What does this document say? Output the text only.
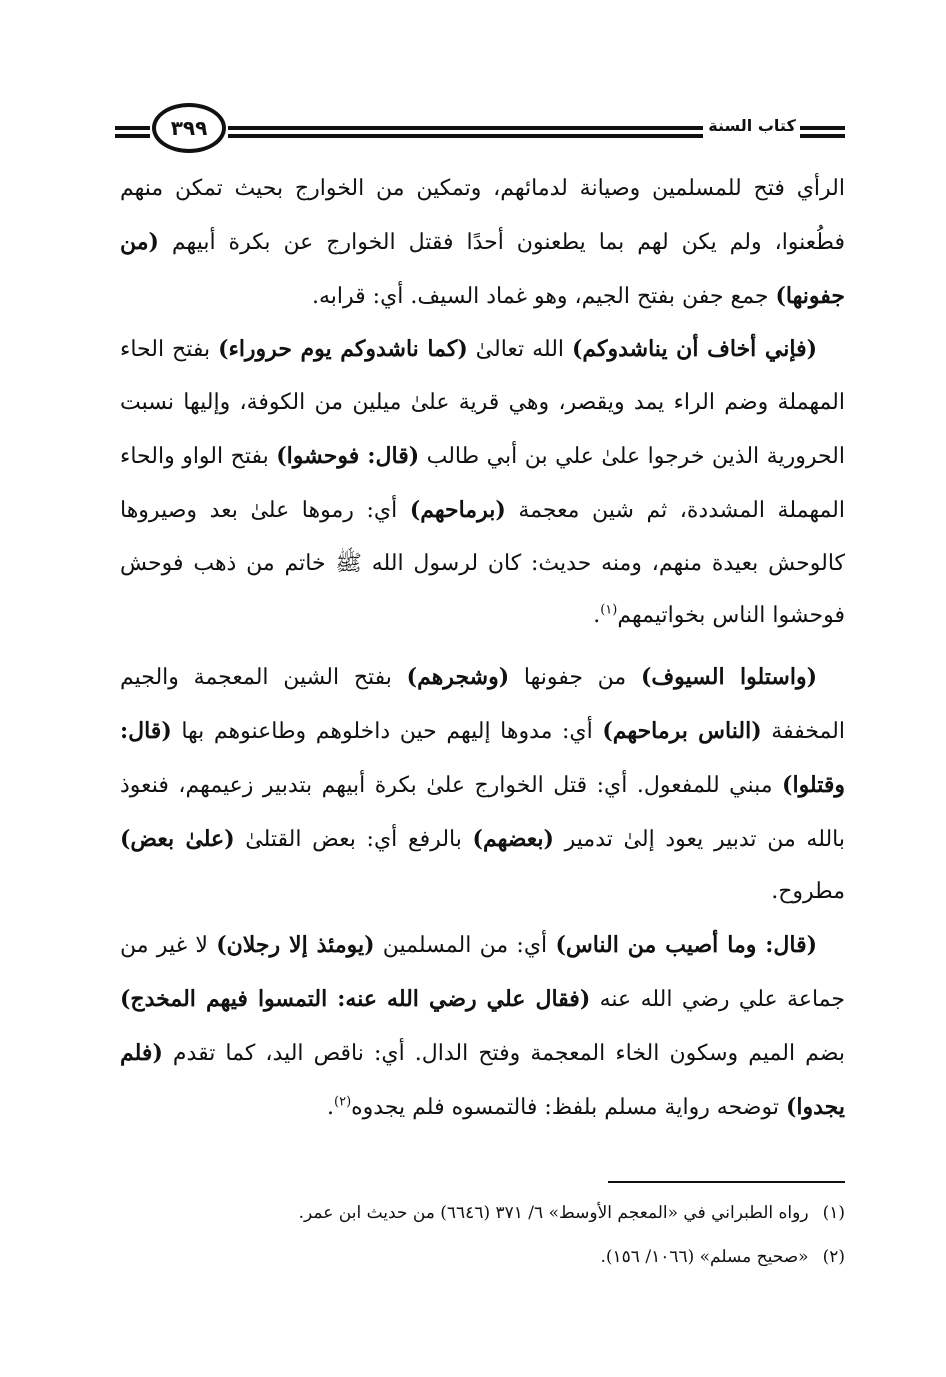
٣٩٩	كتاب السنة

الرأي فتح للمسلمين وصيانة لدمائهم، وتمكين من الخوارج بحيث تمكن منهم فطُعنوا، ولم يكن لهم بما يطعنون أحدًا فقتل الخوارج عن بكرة أبيهم (من جفونها) جمع جفن بفتح الجيم، وهو غماد السيف. أي: قرابه.

(فإني أخاف أن يناشدوكم) الله تعالىٰ (كما ناشدوكم يوم حروراء) بفتح الحاء المهملة وضم الراء يمد ويقصر، وهي قرية علىٰ ميلين من الكوفة، وإليها نسبت الحرورية الذين خرجوا علىٰ علي بن أبي طالب (قال: فوحشوا) بفتح الواو والحاء المهملة المشددة، ثم شين معجمة (برماحهم) أي: رموها علىٰ بعد وصيروها كالوحش بعيدة منهم، ومنه حديث: كان لرسول الله ﷺ خاتم من ذهب فوحش فوحشوا الناس بخواتيمهم$^{(١)}$.

(واستلوا السيوف) من جفونها (وشجرهم) بفتح الشين المعجمة والجيم المخففة (الناس برماحهم) أي: مدوها إليهم حين داخلوهم وطاعنوهم بها (قال: وقتلوا) مبني للمفعول. أي: قتل الخوارج علىٰ بكرة أبيهم بتدبير زعيمهم، فنعوذ بالله من تدبير يعود إلىٰ تدمير (بعضهم) بالرفع أي: بعض القتلىٰ (علىٰ بعض) مطروح.

(قال: وما أصيب من الناس) أي: من المسلمين (يومئذ إلا رجلان) لا غير من جماعة علي رضي الله عنه (فقال علي رضي الله عنه: التمسوا فيهم المخدج) بضم الميم وسكون الخاء المعجمة وفتح الدال. أي: ناقص اليد، كما تقدم (فلم يجدوا) توضحه رواية مسلم بلفظ: فالتمسوه فلم يجدوه$^{(٢)}$.

(١)رواه الطبراني في «المعجم الأوسط» ٦/ ٣٧١ (٦٦٤٦) من حديث ابن عمر.
(٢)«صحيح مسلم» (١٠٦٦/ ١٥٦).
